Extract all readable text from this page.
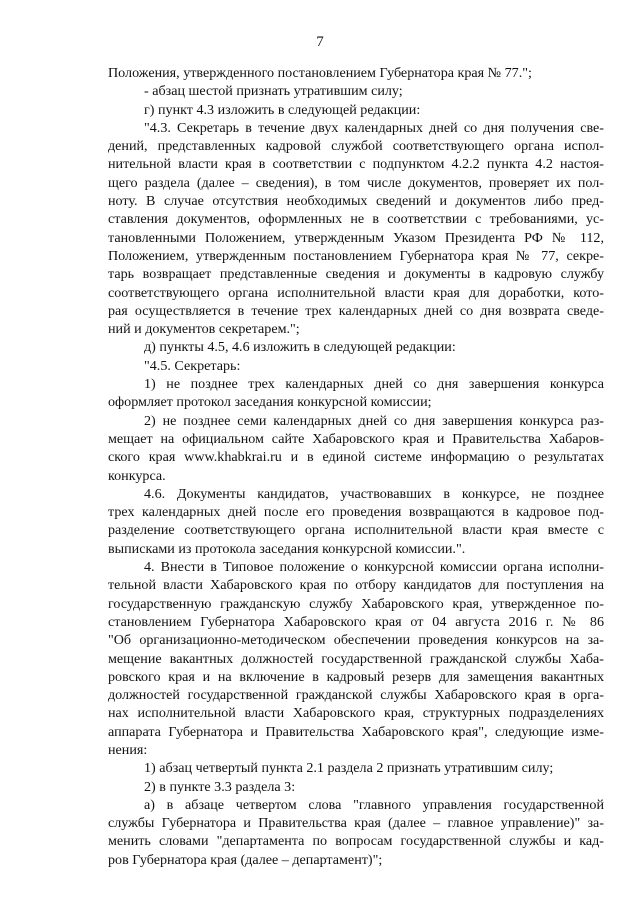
7
Положения, утвержденного постановлением Губернатора края № 77.";
- абзац шестой признать утратившим силу;
г) пункт 4.3 изложить в следующей редакции:
"4.3. Секретарь в течение двух календарных дней со дня получения све-
дений, представленных кадровой службой соответствующего органа испол-
нительной власти края в соответствии с подпунктом 4.2.2 пункта 4.2 настоя-
щего раздела (далее – сведения), в том числе документов, проверяет их пол-
ноту. В случае отсутствия необходимых сведений и документов либо пред-
ставления документов, оформленных не в соответствии с требованиями, ус-
тановленными Положением, утвержденным Указом Президента РФ № 112,
Положением, утвержденным постановлением Губернатора края № 77, секре-
тарь возвращает представленные сведения и документы в кадровую службу
соответствующего органа исполнительной власти края для доработки, кото-
рая осуществляется в течение трех календарных дней со дня возврата сведе-
ний и документов секретарем.";
д) пункты 4.5, 4.6 изложить в следующей редакции:
"4.5. Секретарь:
1) не позднее трех календарных дней со дня завершения конкурса
оформляет протокол заседания конкурсной комиссии;
2) не позднее семи календарных дней со дня завершения конкурса раз-
мещает на официальном сайте Хабаровского края и Правительства Хабаров-
ского края www.khabkrai.ru и в единой системе информацию о результатах
конкурса.
4.6. Документы кандидатов, участвовавших в конкурсе, не позднее
трех календарных дней после его проведения возвращаются в кадровое под-
разделение соответствующего органа исполнительной власти края вместе с
выписками из протокола заседания конкурсной комиссии.".
4. Внести в Типовое положение о конкурсной комиссии органа исполни-
тельной власти Хабаровского края по отбору кандидатов для поступления на
государственную гражданскую службу Хабаровского края, утвержденное по-
становлением Губернатора Хабаровского края от 04 августа 2016 г. № 86
"Об организационно-методическом обеспечении проведения конкурсов на за-
мещение вакантных должностей государственной гражданской службы Хаба-
ровского края и на включение в кадровый резерв для замещения вакантных
должностей государственной гражданской службы Хабаровского края в орга-
нах исполнительной власти Хабаровского края, структурных подразделениях
аппарата Губернатора и Правительства Хабаровского края", следующие изме-
нения:
1) абзац четвертый пункта 2.1 раздела 2 признать утратившим силу;
2) в пункте 3.3 раздела 3:
а) в абзаце четвертом слова "главного управления государственной
службы Губернатора и Правительства края (далее – главное управление)" за-
менить словами "департамента по вопросам государственной службы и кад-
ров Губернатора края (далее – департамент)";
